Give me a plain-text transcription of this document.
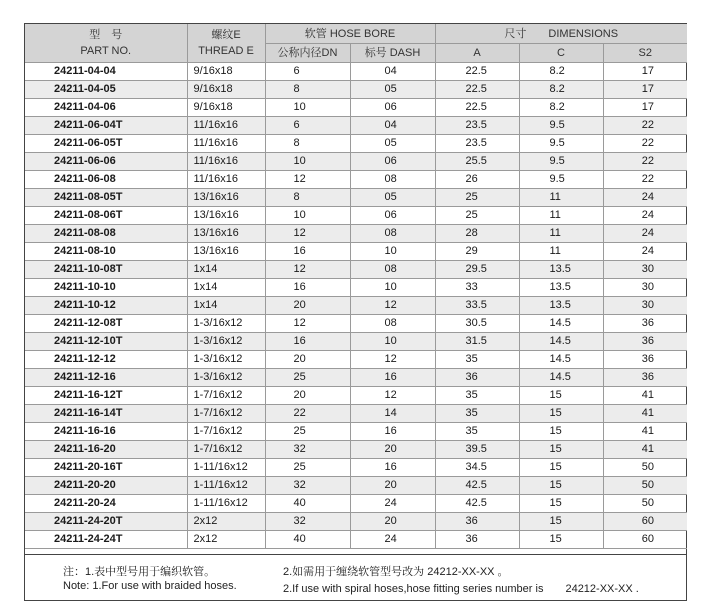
型　号
PART NO.	螺纹E
THREAD E	软管 HOSE BORE		尺寸　　DIMENSIONS		
		公称内径DN	标号 DASH	A	C	S2
24211-04-04	9/16x18	6	04	22.5	8.2	17
24211-04-05	9/16x18	8	05	22.5	8.2	17
24211-04-06	9/16x18	10	06	22.5	8.2	17
24211-06-04T	11/16x16	6	04	23.5	9.5	22
24211-06-05T	11/16x16	8	05	23.5	9.5	22
24211-06-06	11/16x16	10	06	25.5	9.5	22
24211-06-08	11/16x16	12	08	26	9.5	22
24211-08-05T	13/16x16	8	05	25	11	24
24211-08-06T	13/16x16	10	06	25	11	24
24211-08-08	13/16x16	12	08	28	11	24
24211-08-10	13/16x16	16	10	29	11	24
24211-10-08T	1x14	12	08	29.5	13.5	30
24211-10-10	1x14	16	10	33	13.5	30
24211-10-12	1x14	20	12	33.5	13.5	30
24211-12-08T	1-3/16x12	12	08	30.5	14.5	36
24211-12-10T	1-3/16x12	16	10	31.5	14.5	36
24211-12-12	1-3/16x12	20	12	35	14.5	36
24211-12-16	1-3/16x12	25	16	36	14.5	36
24211-16-12T	1-7/16x12	20	12	35	15	41
24211-16-14T	1-7/16x12	22	14	35	15	41
24211-16-16	1-7/16x12	25	16	35	15	41
24211-16-20	1-7/16x12	32	20	39.5	15	41
24211-20-16T	1-11/16x12	25	16	34.5	15	50
24211-20-20	1-11/16x12	32	20	42.5	15	50
24211-20-24	1-11/16x12	40	24	42.5	15	50
24211-24-20T	2x12	32	20	36	15	60
24211-24-24T	2x12	40	24	36	15	60
注：1.表中型号用于编织软管。
Note: 1.For use with braided hoses.
2.如需用于缠绕软管型号改为 24212-XX-XX 。
2.If use with spiral hoses,hose fitting series number is　　24212-XX-XX .
